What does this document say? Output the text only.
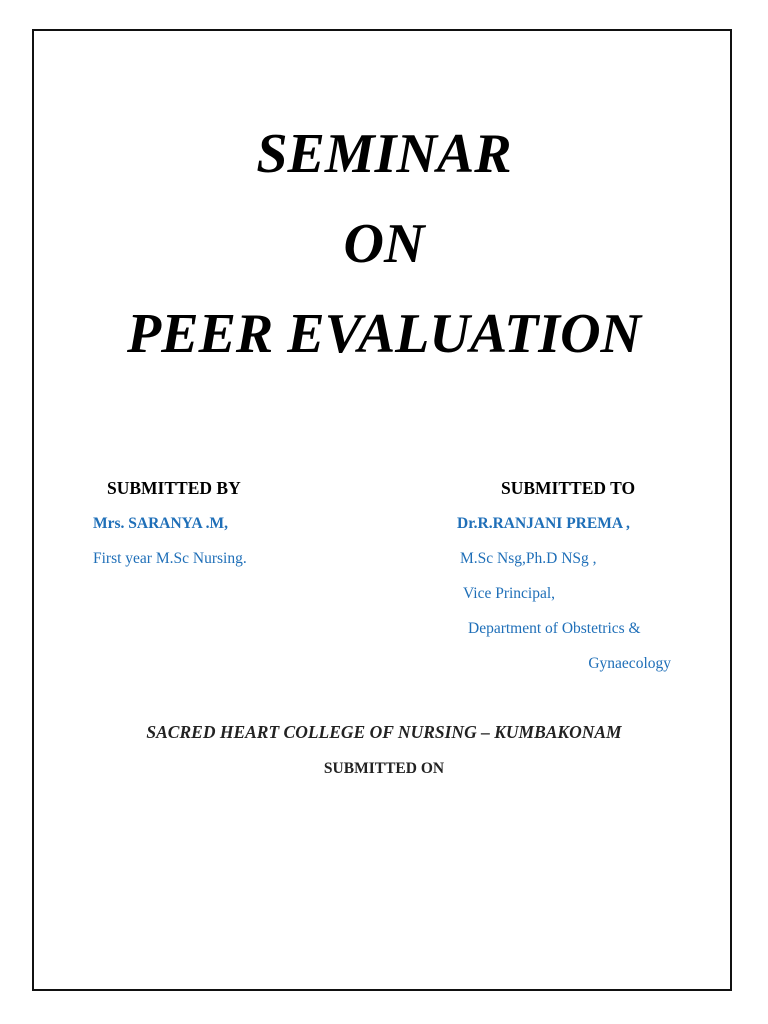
SEMINAR
ON
PEER EVALUATION
SUBMITTED BY
Mrs. SARANYA .M,
First year M.Sc Nursing.
SUBMITTED TO
Dr.R.RANJANI PREMA ,
M.Sc Nsg,Ph.D NSg ,
Vice Principal,
Department of Obstetrics &
Gynaecology
SACRED HEART COLLEGE OF NURSING – KUMBAKONAM
SUBMITTED ON
